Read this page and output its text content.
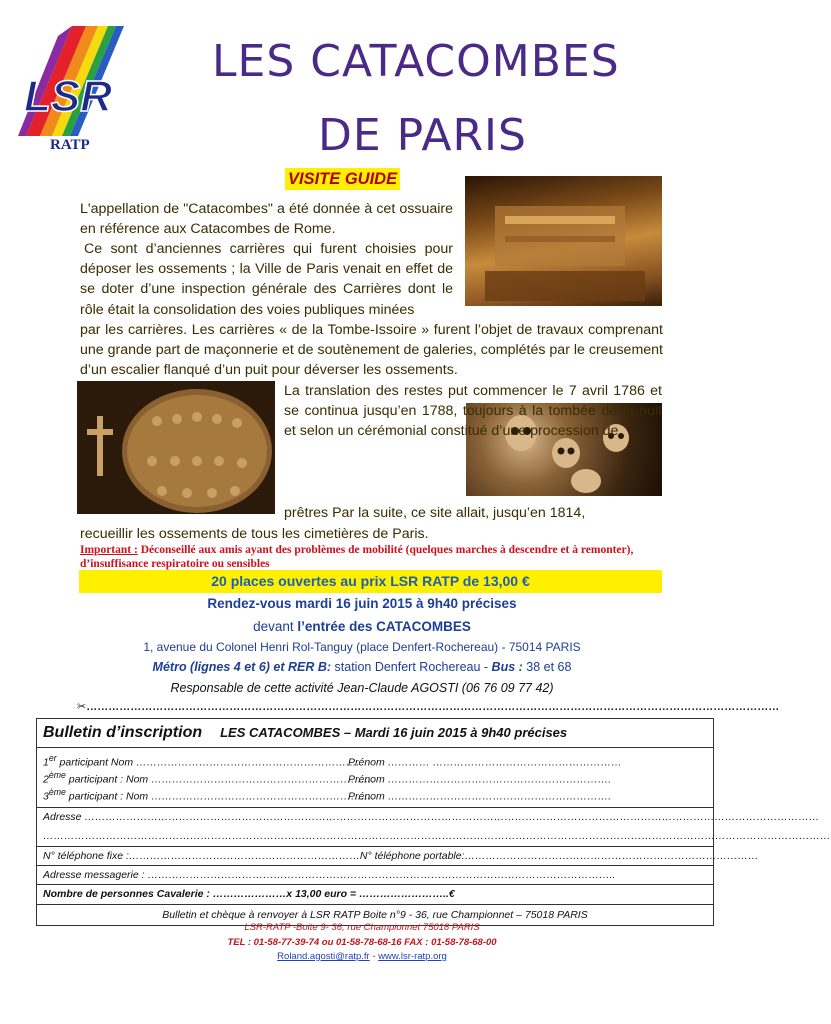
LSR
RATP
LES CATACOMBES
DE PARIS
VISITE GUIDE
L'appellation de "Catacombes" a été donnée à cet ossuaire en référence aux Catacombes de Rome.
Ce sont d’anciennes carrières qui furent choisies pour déposer les ossements ; la Ville de Paris venait en effet de se doter d’une inspection générale des Carrières dont le rôle était la consolidation des voies publiques minées
par les carrières. Les carrières « de la Tombe-Issoire » furent l’objet de travaux comprenant une grande part de maçonnerie et de soutènement de galeries, complétés par le creusement d’un escalier flanqué d’un puit pour déverser les ossements.
La translation des restes put commencer le 7 avril 1786 et se continua jusqu’en 1788, toujours à la tombée de la nuit et selon un cérémonial constitué d’une procession de
prêtres Par la suite, ce site allait, jusqu’en 1814,
recueillir les ossements de tous les cimetières de Paris.
Important : Déconseillé aux amis ayant des problèmes de mobilité (quelques marches à descendre et à remonter), d’insuffisance respiratoire ou sensibles
20 places ouvertes au prix LSR RATP de 13,00 €
Rendez-vous mardi 16 juin 2015 à 9h40 précises
devant l’entrée des CATACOMBES
1, avenue du Colonel Henri Rol-Tanguy (place Denfert-Rochereau) - 75014 PARIS
Métro (lignes 4 et 6) et RER B: station Denfert Rochereau - Bus : 38 et 68
Responsable de cette activité Jean-Claude AGOSTI (06 76 09 77 42)
✂………………………………………………………………………………………………………………………………………………………………………
Bulletin d’inscription LES CATACOMBES – Mardi 16 juin 2015 à 9h40 précises
1er participant Nom ……………………………………………………….Prénom ………… ………………………………………………
2ème participant : Nom ……………………………………………………….Prénom ……………………………………………………….
3ème participant : Nom ……………………………………………………….Prénom ……………………………………………………….
Adresse …………………………………………………………………………………………………………………………………………………………………………………………
………………………………………………………………………………………………………………………………………………………………………………………………………
N° téléphone fixe :…………………………………………………………N° téléphone portable:…………………………………………………………………………
Adresse messagerie : ……………………………………………………………………………………………………………………..
Nombre de personnes Cavalerie : …………………x 13,00 euro = ……………………..€
Bulletin et chèque à renvoyer à LSR RATP Boite n°9 - 36, rue Championnet – 75018 PARIS
LSR-RATP -Boite 9- 36, rue Championnet 75018 PARIS
TEL : 01-58-77-39-74 ou 01-58-78-68-16 FAX : 01-58-78-68-00
Roland.agosti@ratp.fr - www.lsr-ratp.org
